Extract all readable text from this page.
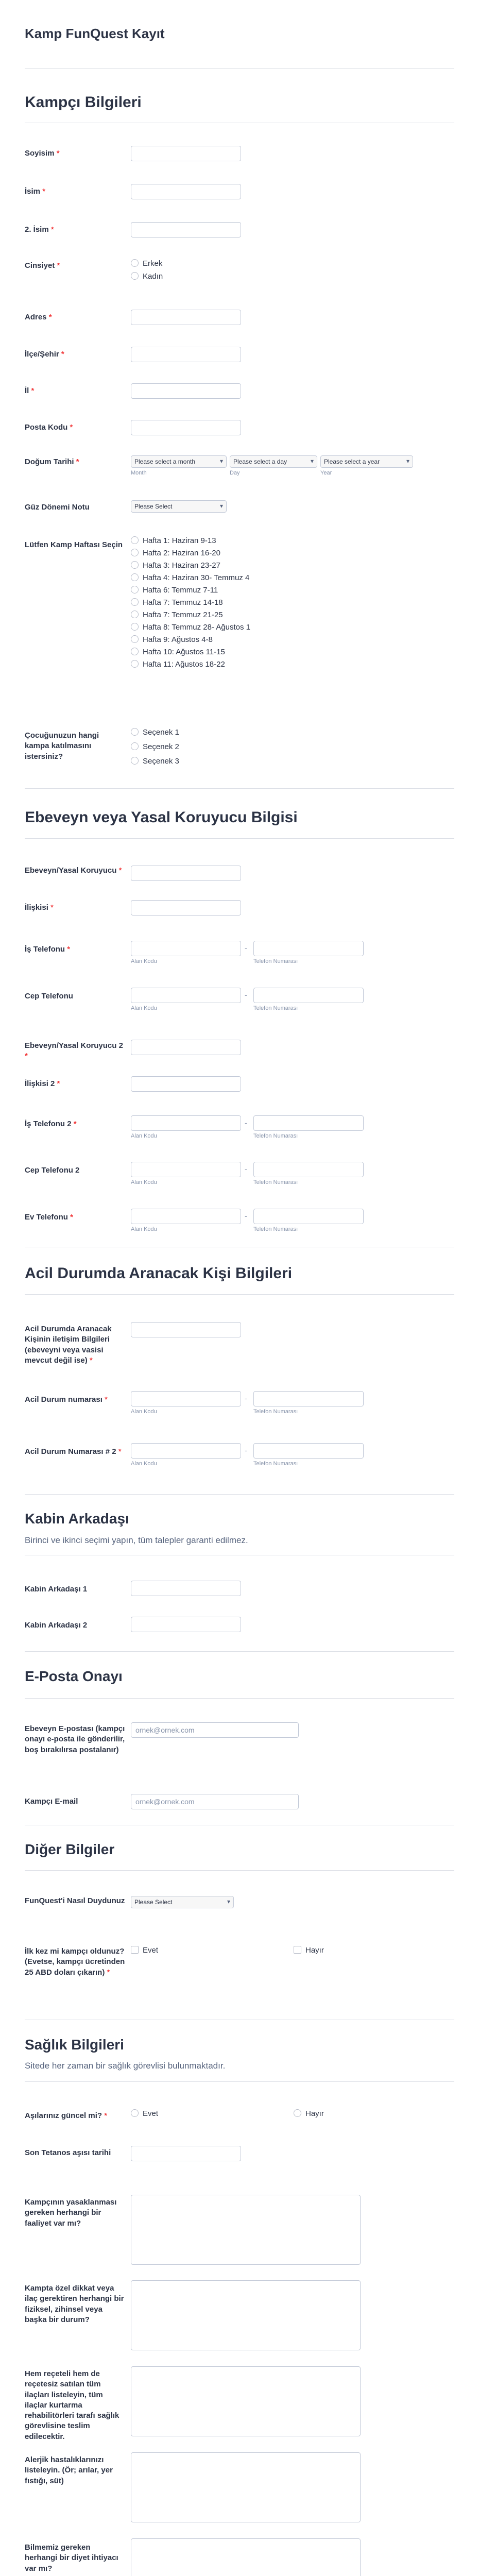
Kamp FunQuest Kayıt
Kampçı Bilgileri
Soyisim *
İsim *
2. İsim *
Cinsiyet *	Erkek
Kadın
Adres *
İlçe/Şehir *
İl *
Posta Kodu *
Doğum Tarihi *	Please select a month ▾	Please select a day ▾	Please select a year ▾
Month	Day	Year
Güz Dönemi Notu	Please Select ▾
Lütfen Kamp Haftası Seçin	Hafta 1: Haziran 9-13
Hafta 2: Haziran 16-20
Hafta 3: Haziran 23-27
Hafta 4: Haziran 30- Temmuz 4
Hafta 6: Temmuz 7-11
Hafta 7: Temmuz 14-18
Hafta 7: Temmuz 21-25
Hafta 8: Temmuz 28- Ağustos 1
Hafta 9: Ağustos 4-8
Hafta 10: Ağustos 11-15
Hafta 11: Ağustos 18-22
Çocuğunuzun hangi kampa katılmasını istersiniz?
Seçenek 1
Seçenek 2
Seçenek 3
Ebeveyn veya Yasal Koruyucu Bilgisi
Ebeveyn/Yasal Koruyucu *
İlişkisi *
İş Telefonu *	-
Alan Kodu	Telefon Numarası
Cep Telefonu	-
Alan Kodu	Telefon Numarası
Ebeveyn/Yasal Koruyucu 2 *
İlişkisi 2 *
İş Telefonu 2 *	-
Alan Kodu	Telefon Numarası
Cep Telefonu 2	-
Alan Kodu	Telefon Numarası
Ev Telefonu *	-
Alan Kodu	Telefon Numarası
Acil Durumda Aranacak Kişi Bilgileri
Acil Durumda Aranacak Kişinin iletişim Bilgileri (ebeveyni veya vasisi mevcut değil ise) *
Acil Durum numarası *	-
Alan Kodu	Telefon Numarası
Acil Durum Numarası # 2 *	-
Alan Kodu	Telefon Numarası
Kabin Arkadaşı
Birinci ve ikinci seçimi yapın, tüm talepler garanti edilmez.
Kabin Arkadaşı 1
Kabin Arkadaşı 2
E-Posta Onayı
Ebeveyn E-postası (kampçı onayı e-posta ile gönderilir, boş bırakılırsa postalanır)
ornek@ornek.com
Kampçı E-mail	ornek@ornek.com
Diğer Bilgiler
FunQuest'i Nasıl Duydunuz	Please Select ▾
İlk kez mi kampçı oldunuz? (Evetse, kampçı ücretinden 25 ABD doları çıkarın) *
Evet	Hayır
Sağlık Bilgileri
Sitede her zaman bir sağlık görevlisi bulunmaktadır.
Aşılarınız güncel mi? *	Evet	Hayır
Son Tetanos aşısı tarihi
Kampçının yasaklanması gereken herhangi bir faaliyet var mı?
Kampta özel dikkat veya ilaç gerektiren herhangi bir fiziksel, zihinsel veya başka bir durum?
Hem reçeteli hem de reçetesiz satılan tüm ilaçları listeleyin, tüm ilaçlar kurtarma rehabilitörleri tarafı sağlık görevlisine teslim edilecektir.
Alerjik hastalıklarınızı listeleyin. (Ör; arılar, yer fıstığı, süt)
Bilmemiz gereken herhangi bir diyet ihtiyacı var mı?
